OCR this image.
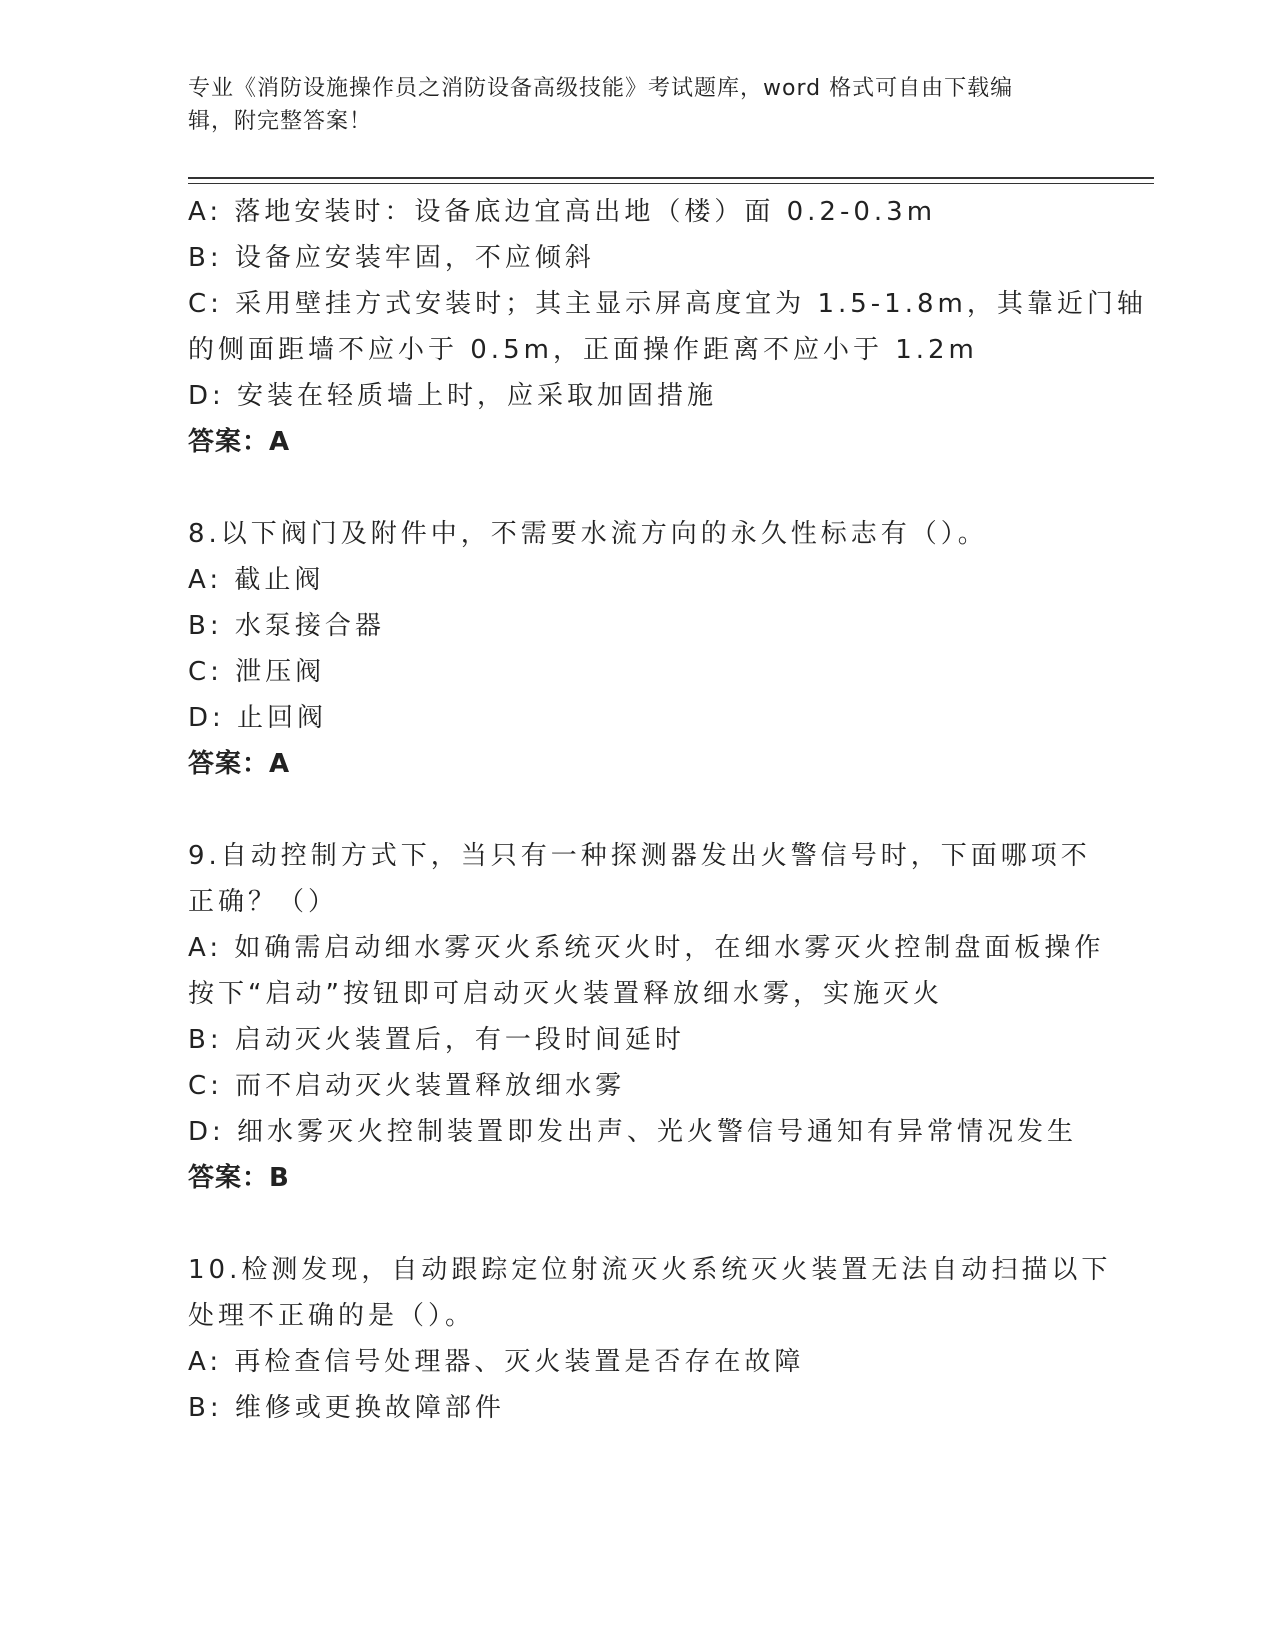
专业《消防设施操作员之消防设备高级技能》考试题库，word 格式可自由下载编
辑，附完整答案！
A: 落地安装时：设备底边宜高出地（楼）面 0.2-0.3m
B: 设备应安装牢固，不应倾斜
C: 采用壁挂方式安装时；其主显示屏高度宜为 1.5-1.8m，其靠近门轴
的侧面距墙不应小于 0.5m，正面操作距离不应小于 1.2m
D: 安装在轻质墙上时，应采取加固措施
答案：A
8.以下阀门及附件中，不需要水流方向的永久性标志有（）。
A: 截止阀
B: 水泵接合器
C: 泄压阀
D: 止回阀
答案：A
9.自动控制方式下，当只有一种探测器发出火警信号时，下面哪项不
正确？（）
A: 如确需启动细水雾灭火系统灭火时，在细水雾灭火控制盘面板操作
按下“启动”按钮即可启动灭火装置释放细水雾，实施灭火
B: 启动灭火装置后，有一段时间延时
C: 而不启动灭火装置释放细水雾
D: 细水雾灭火控制装置即发出声、光火警信号通知有异常情况发生
答案：B
10.检测发现，自动跟踪定位射流灭火系统灭火装置无法自动扫描以下
处理不正确的是（）。
A: 再检查信号处理器、灭火装置是否存在故障
B: 维修或更换故障部件
